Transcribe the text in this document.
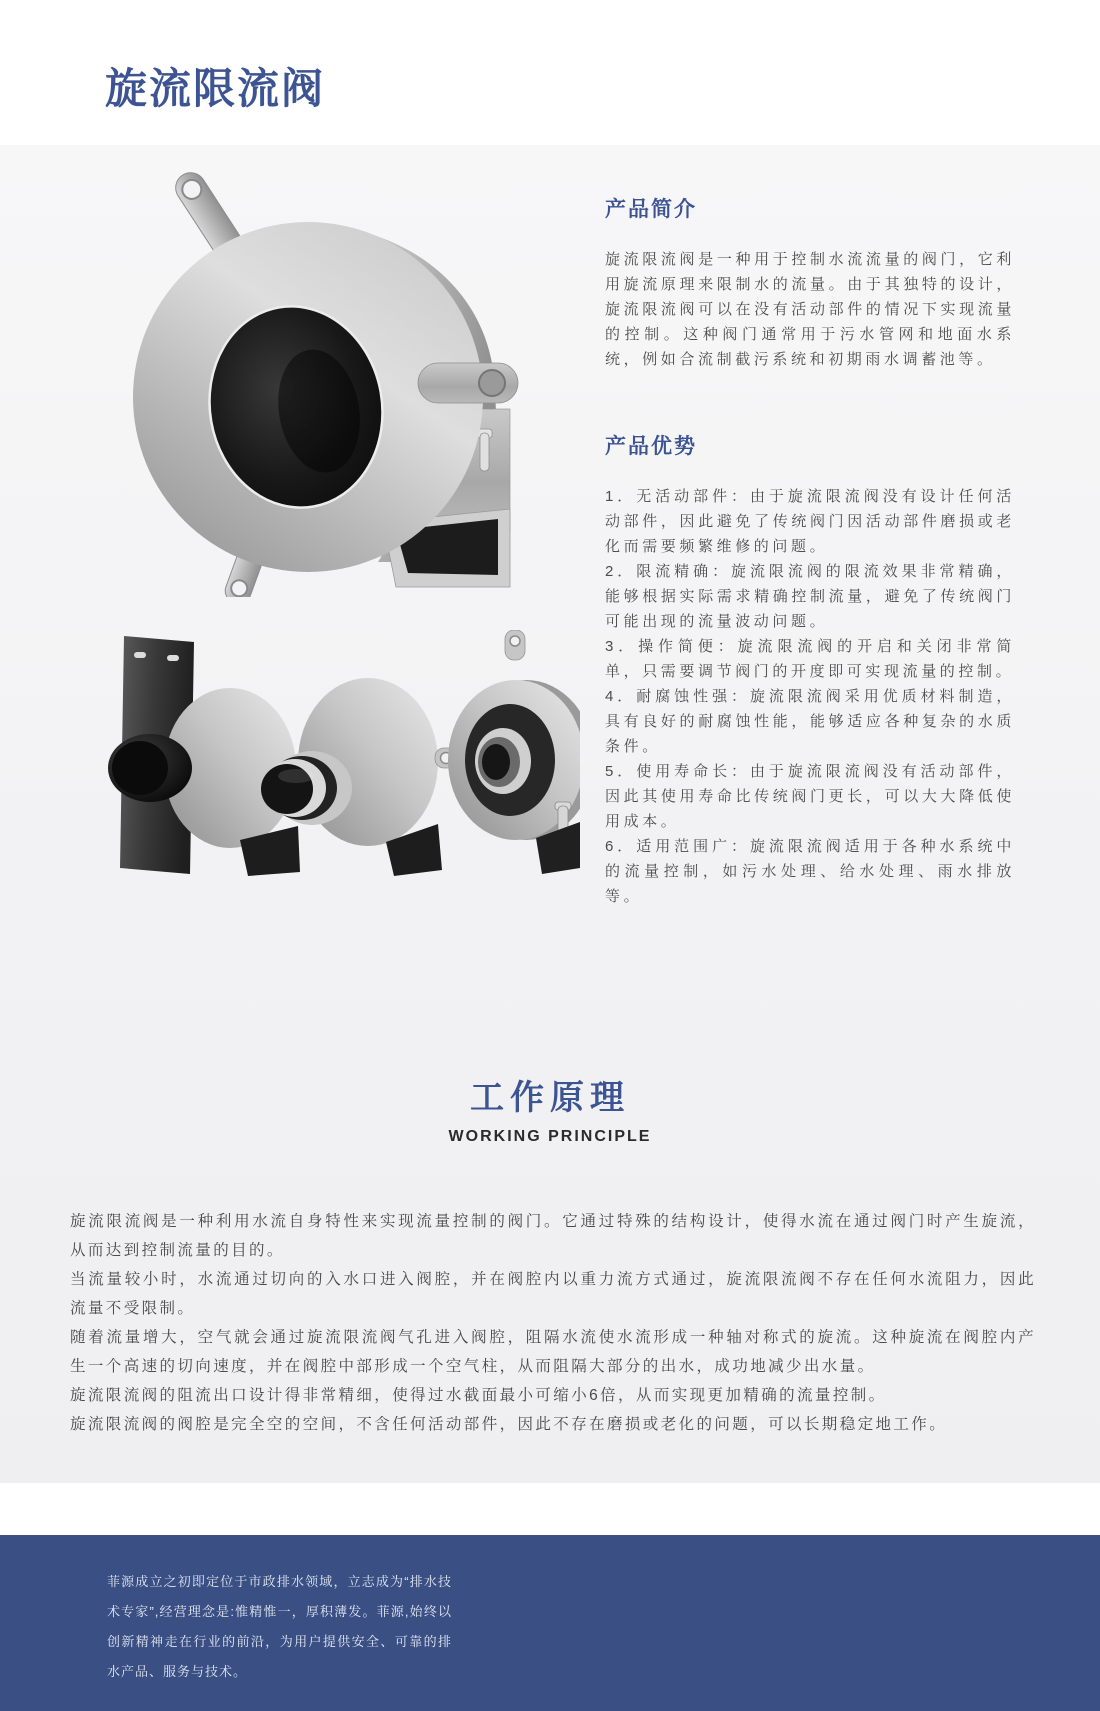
旋流限流阀
产品简介

旋流限流阀是一种用于控制水流流量的阀门，它利用旋流原理来限制水的流量。由于其独特的设计，旋流限流阀可以在没有活动部件的情况下实现流量的控制。这种阀门通常用于污水管网和地面水系统，例如合流制截污系统和初期雨水调蓄池等。

产品优势

1．无活动部件：由于旋流限流阀没有设计任何活动部件，因此避免了传统阀门因活动部件磨损或老化而需要频繁维修的问题。

2．限流精确：旋流限流阀的限流效果非常精确，能够根据实际需求精确控制流量，避免了传统阀门可能出现的流量波动问题。

3．操作简便：旋流限流阀的开启和关闭非常简单，只需要调节阀门的开度即可实现流量的控制。

4．耐腐蚀性强：旋流限流阀采用优质材料制造，具有良好的耐腐蚀性能，能够适应各种复杂的水质条件。

5．使用寿命长：由于旋流限流阀没有活动部件，因此其使用寿命比传统阀门更长，可以大大降低使用成本。

6．适用范围广：旋流限流阀适用于各种水系统中的流量控制，如污水处理、给水处理、雨水排放等。

工作原理
WORKING PRINCIPLE

旋流限流阀是一种利用水流自身特性来实现流量控制的阀门。它通过特殊的结构设计，使得水流在通过阀门时产生旋流，从而达到控制流量的目的。

当流量较小时，水流通过切向的入水口进入阀腔，并在阀腔内以重力流方式通过，旋流限流阀不存在任何水流阻力，因此流量不受限制。

随着流量增大，空气就会通过旋流限流阀气孔进入阀腔，阻隔水流使水流形成一种轴对称式的旋流。这种旋流在阀腔内产生一个高速的切向速度，并在阀腔中部形成一个空气柱，从而阻隔大部分的出水，成功地减少出水量。

旋流限流阀的阻流出口设计得非常精细，使得过水截面最小可缩小6倍，从而实现更加精确的流量控制。

旋流限流阀的阀腔是完全空的空间，不含任何活动部件，因此不存在磨损或老化的问题，可以长期稳定地工作。

菲源成立之初即定位于市政排水领域，立志成为“排水技术专家”,经营理念是:惟精惟一，厚积薄发。菲源,始终以创新精神走在行业的前沿，为用户提供安全、可靠的排水产品、服务与技术。
